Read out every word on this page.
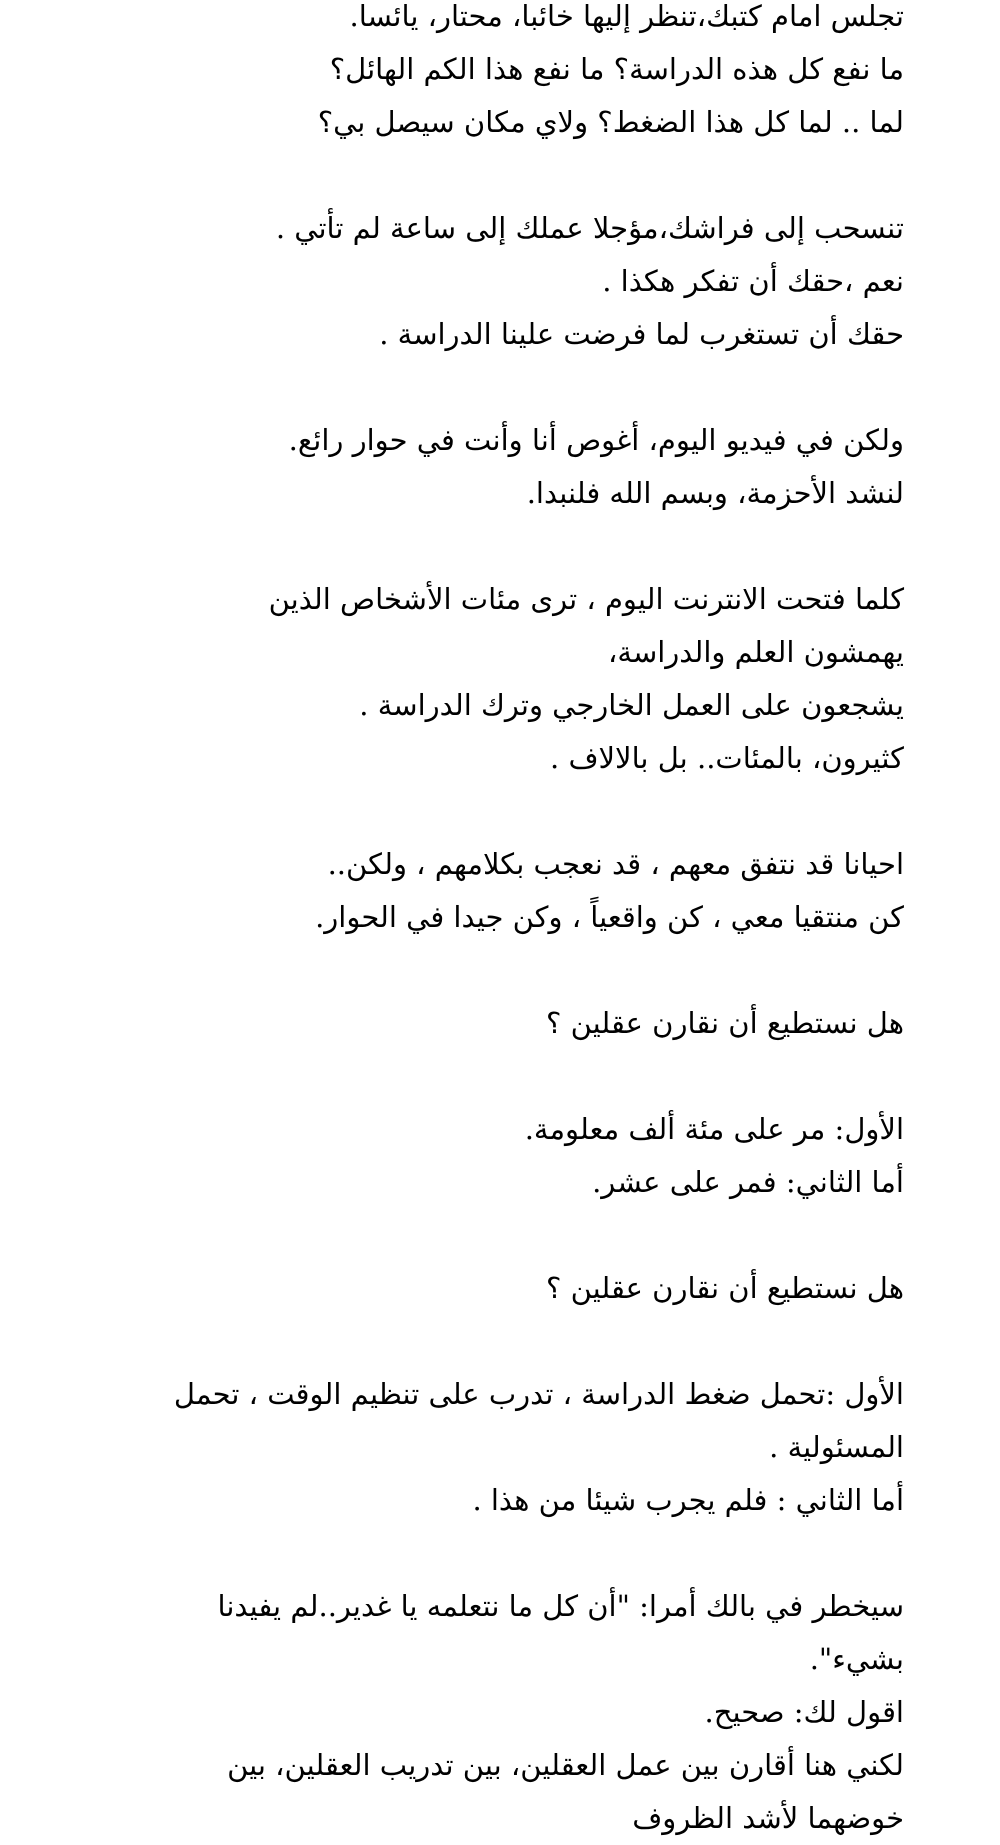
تجلس امام كتبك،تنظر إليها خائبا، محتار، يائسا.
ما نفع كل هذه الدراسة؟ ما نفع هذا الكم الهائل؟
لما .. لما كل هذا الضغط؟ ولاي مكان سيصل بي؟
تنسحب إلى فراشك،مؤجلا عملك إلى ساعة لم تأتي .
نعم ،حقك أن تفكر هكذا .
حقك أن تستغرب لما فرضت علينا الدراسة .
ولكن في فيديو اليوم، أغوص أنا وأنت في حوار رائع.
لنشد الأحزمة، وبسم الله فلنبدا.
كلما فتحت الانترنت اليوم ، ترى مئات الأشخاص الذين يهمشون العلم والدراسة،
يشجعون على العمل الخارجي وترك الدراسة .
كثيرون، بالمئات.. بل بالالاف .
احيانا قد نتفق معهم ، قد نعجب بكلامهم ، ولكن..
كن منتقيا معي ، كن واقعياً ، وكن جيدا في الحوار.
هل نستطيع أن نقارن عقلين ؟
الأول: مر على مئة ألف معلومة.
أما الثاني: فمر على عشر.
هل نستطيع أن نقارن عقلين ؟
الأول :تحمل ضغط الدراسة ، تدرب على تنظيم الوقت ، تحمل المسئولية .
أما الثاني : فلم يجرب شيئا من هذا .
سيخطر في بالك أمرا: "أن كل ما نتعلمه يا غدير..لم يفيدنا بشيء".
اقول لك: صحيح.
لكني هنا أقارن بين عمل العقلين، بين تدريب العقلين، بين خوضهما لأشد الظروف
